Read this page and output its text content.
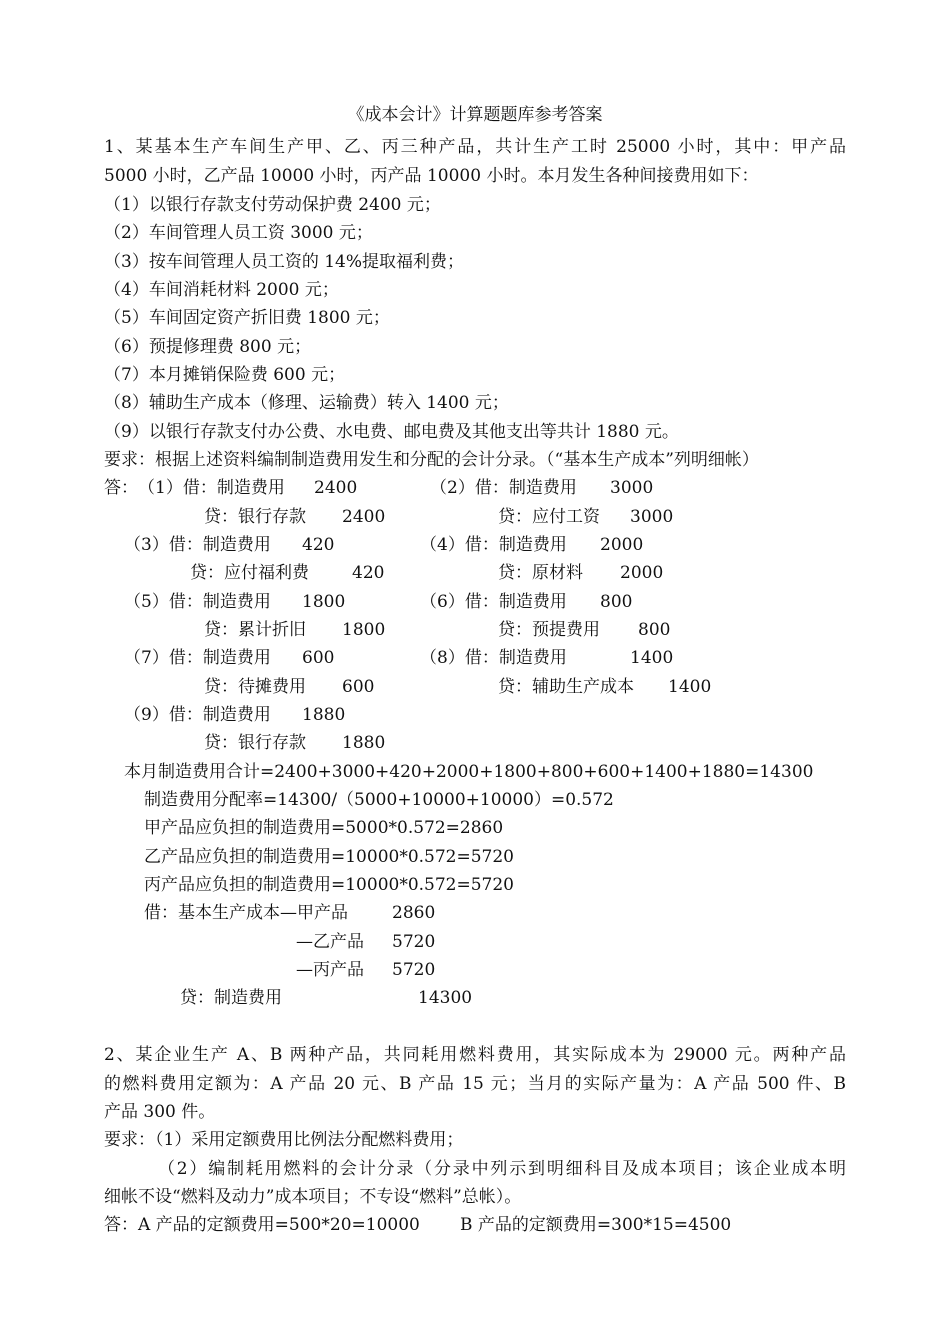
《成本会计》计算题题库参考答案
1、某基本生产车间生产甲、乙、丙三种产品，共计生产工时 25000 小时，其中：甲产品
5000 小时，乙产品 10000 小时，丙产品 10000 小时。本月发生各种间接费用如下：
（1）以银行存款支付劳动保护费 2400 元；
（2）车间管理人员工资 3000 元；
（3）按车间管理人员工资的 14%提取福利费；
（4）车间消耗材料 2000 元；
（5）车间固定资产折旧费 1800 元；
（6）预提修理费 800 元；
（7）本月摊销保险费 600 元；
（8）辅助生产成本（修理、运输费）转入 1400 元；
（9）以银行存款支付办公费、水电费、邮电费及其他支出等共计 1880 元。
要求：根据上述资料编制制造费用发生和分配的会计分录。（“基本生产成本”列明细帐）
答： （1）借：制造费用 2400
贷：银行存款 2400
（2）借：制造费用 3000
贷：应付工资 3000
（3）借：制造费用 420
贷：应付福利费	420
（4）借：制造费用 2000
贷：原材料 2000
（5）借：制造费用 1800
贷：累计折旧 1800
（6）借：制造费用 800
贷：预提费用 800
（7）借：制造费用 600
贷：待摊费用 600
（8）借：制造费用	1400
贷：辅助生产成本 1400
（9）借：制造费用 1880
贷：银行存款 1880
本月制造费用合计=2400+3000+420+2000+1800+800+600+1400+1880=14300
制造费用分配率=14300/（5000+10000+10000）=0.572
甲产品应负担的制造费用=5000*0.572=2860
乙产品应负担的制造费用=10000*0.572=5720
丙产品应负担的制造费用=10000*0.572=5720
借：基本生产成本—甲产品	2860
—乙产品 5720
—丙产品 5720
贷：制造费用	14300
2、某企业生产 A、B 两种产品，共同耗用燃料费用，其实际成本为 29000 元。两种产品
的燃料费用定额为：A 产品 20 元、B 产品 15 元；当月的实际产量为：A 产品 500 件、B
产品 300 件。
要求：（1）采用定额费用比例法分配燃料费用；
（2）编制耗用燃料的会计分录（分录中列示到明细科目及成本项目；该企业成本明
细帐不设“燃料及动力”成本项目；不专设“燃料”总帐）。
答：A 产品的定额费用=500*20=10000 B 产品的定额费用=300*15=4500
